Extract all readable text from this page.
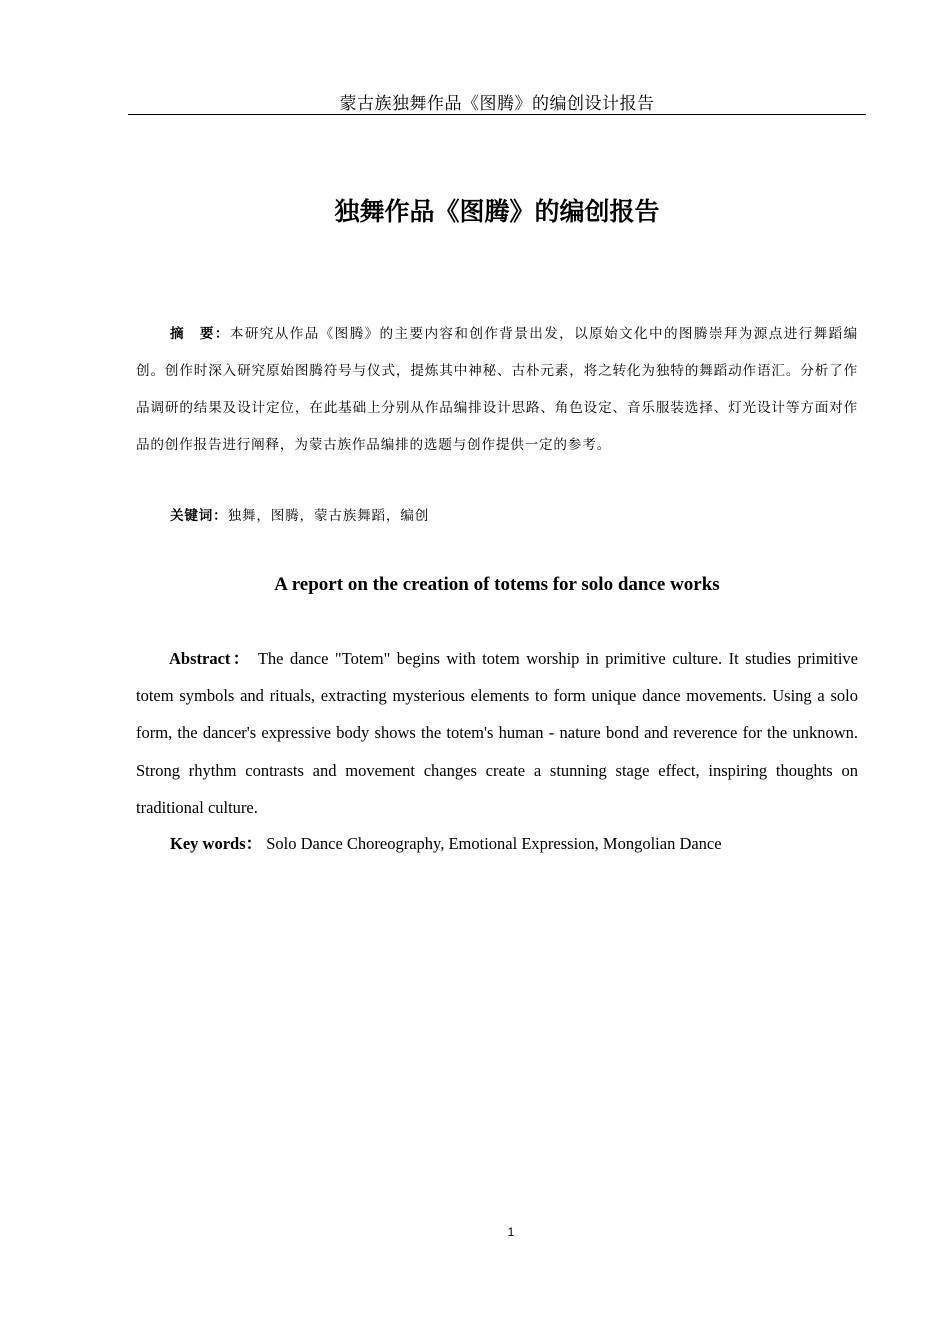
蒙古族独舞作品《图腾》的编创设计报告
独舞作品《图腾》的编创报告

摘　要：本研究从作品《图腾》的主要内容和创作背景出发，以原始文化中的图腾崇拜为源点进行舞蹈编创。创作时深入研究原始图腾符号与仪式，提炼其中神秘、古朴元素，将之转化为独特的舞蹈动作语汇。分析了作品调研的结果及设计定位，在此基础上分别从作品编排设计思路、角色设定、音乐服装选择、灯光设计等方面对作品的创作报告进行阐释，为蒙古族作品编排的选题与创作提供一定的参考。

关键词：独舞，图腾，蒙古族舞蹈，编创

A report on the creation of totems for solo dance works

Abstract： The dance "Totem" begins with totem worship in primitive culture. It studies primitive totem symbols and rituals, extracting mysterious elements to form unique dance movements. Using a solo form, the dancer's expressive body shows the totem's human - nature bond and reverence for the unknown. Strong rhythm contrasts and movement changes create a stunning stage effect, inspiring thoughts on traditional culture.

Key words： Solo Dance Choreography, Emotional Expression, Mongolian Dance

1
